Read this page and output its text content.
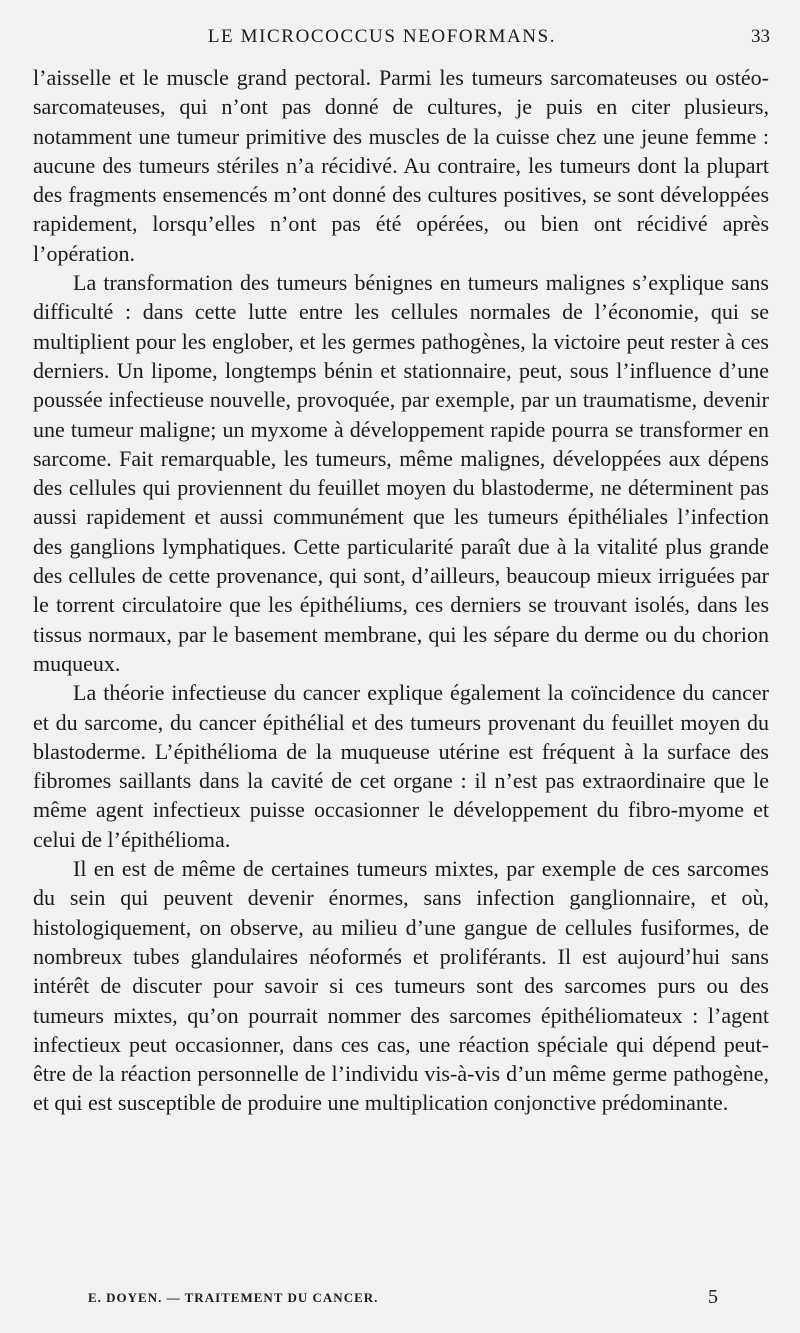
LE MICROCOCCUS NEOFORMANS.	33

l’aisselle et le muscle grand pectoral. Parmi les tumeurs sarcomateuses ou ostéo-sarcomateuses, qui n’ont pas donné de cultures, je puis en citer plusieurs, notamment une tumeur primitive des muscles de la cuisse chez une jeune femme : aucune des tumeurs stériles n’a récidivé. Au contraire, les tumeurs dont la plupart des fragments ensemencés m’ont donné des cultures positives, se sont développées rapidement, lorsqu’elles n’ont pas été opérées, ou bien ont récidivé après l’opération.

La transformation des tumeurs bénignes en tumeurs malignes s’explique sans difficulté : dans cette lutte entre les cellules normales de l’économie, qui se multiplient pour les englober, et les germes pathogènes, la victoire peut rester à ces derniers. Un lipome, longtemps bénin et stationnaire, peut, sous l’influence d’une poussée infectieuse nouvelle, provoquée, par exemple, par un traumatisme, devenir une tumeur maligne; un myxome à développement rapide pourra se transformer en sarcome. Fait remarquable, les tumeurs, même malignes, développées aux dépens des cellules qui proviennent du feuillet moyen du blastoderme, ne déterminent pas aussi rapidement et aussi communément que les tumeurs épithéliales l’infection des ganglions lymphatiques. Cette particularité paraît due à la vitalité plus grande des cellules de cette provenance, qui sont, d’ailleurs, beaucoup mieux irriguées par le torrent circulatoire que les épithéliums, ces derniers se trouvant isolés, dans les tissus normaux, par le basement membrane, qui les sépare du derme ou du chorion muqueux.

La théorie infectieuse du cancer explique également la coïncidence du cancer et du sarcome, du cancer épithélial et des tumeurs provenant du feuillet moyen du blastoderme. L’épithélioma de la muqueuse utérine est fréquent à la surface des fibromes saillants dans la cavité de cet organe : il n’est pas extraordinaire que le même agent infectieux puisse occasionner le développement du fibro-myome et celui de l’épithélioma.

Il en est de même de certaines tumeurs mixtes, par exemple de ces sarcomes du sein qui peuvent devenir énormes, sans infection ganglionnaire, et où, histologiquement, on observe, au milieu d’une gangue de cellules fusiformes, de nombreux tubes glandulaires néoformés et proliférants. Il est aujourd’hui sans intérêt de discuter pour savoir si ces tumeurs sont des sarcomes purs ou des tumeurs mixtes, qu’on pourrait nommer des sarcomes épithéliomateux : l’agent infectieux peut occasionner, dans ces cas, une réaction spéciale qui dépend peut-être de la réaction personnelle de l’individu vis-à-vis d’un même germe pathogène, et qui est susceptible de produire une multiplication conjonctive prédominante.

E. DOYEN. — TRAITEMENT DU CANCER.	5
